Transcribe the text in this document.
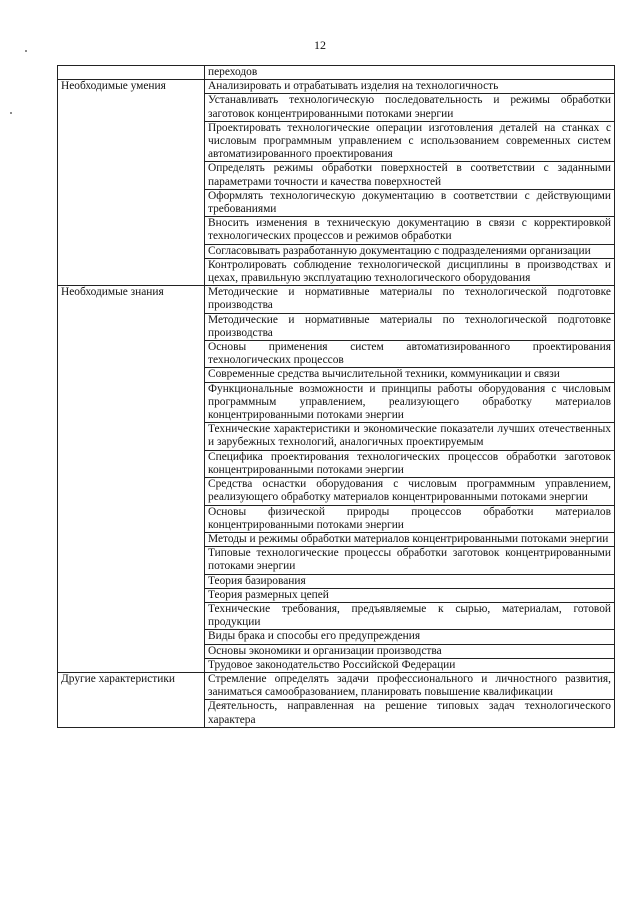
12
	переходов
Необходимые умения	Анализировать и отрабатывать изделия на технологичность
	Устанавливать технологическую последовательность и режимы обработки заготовок концентрированными потоками энергии
	Проектировать технологические операции изготовления деталей на станках с числовым программным управлением с использованием современных систем автоматизированного проектирования
	Определять режимы обработки поверхностей в соответствии с заданными параметрами точности и качества поверхностей
	Оформлять технологическую документацию в соответствии с действующими требованиями
	Вносить изменения в техническую документацию в связи с корректировкой технологических процессов и режимов обработки
	Согласовывать разработанную документацию с подразделениями организации
	Контролировать соблюдение технологической дисциплины в производствах и цехах, правильную эксплуатацию технологического оборудования
Необходимые знания	Методические и нормативные материалы по технологической подготовке производства
	Методические и нормативные материалы по технологической подготовке производства
	Основы применения систем автоматизированного проектирования технологических процессов
	Современные средства вычислительной техники, коммуникации и связи
	Функциональные возможности и принципы работы оборудования с числовым программным управлением, реализующего обработку материалов концентрированными потоками энергии
	Технические характеристики и экономические показатели лучших отечественных и зарубежных технологий, аналогичных проектируемым
	Специфика проектирования технологических процессов обработки заготовок концентрированными потоками энергии
	Средства оснастки оборудования с числовым программным управлением, реализующего обработку материалов концентрированными потоками энергии
	Основы физической природы процессов обработки материалов концентрированными потоками энергии
	Методы и режимы обработки материалов концентрированными потоками энергии
	Типовые технологические процессы обработки заготовок концентрированными потоками энергии
	Теория базирования
	Теория размерных цепей
	Технические требования, предъявляемые к сырью, материалам, готовой продукции
	Виды брака и способы его предупреждения
	Основы экономики и организации производства
	Трудовое законодательство Российской Федерации
Другие характеристики	Стремление определять задачи профессионального и личностного развития, заниматься самообразованием, планировать повышение квалификации
	Деятельность, направленная на решение типовых задач технологического характера
